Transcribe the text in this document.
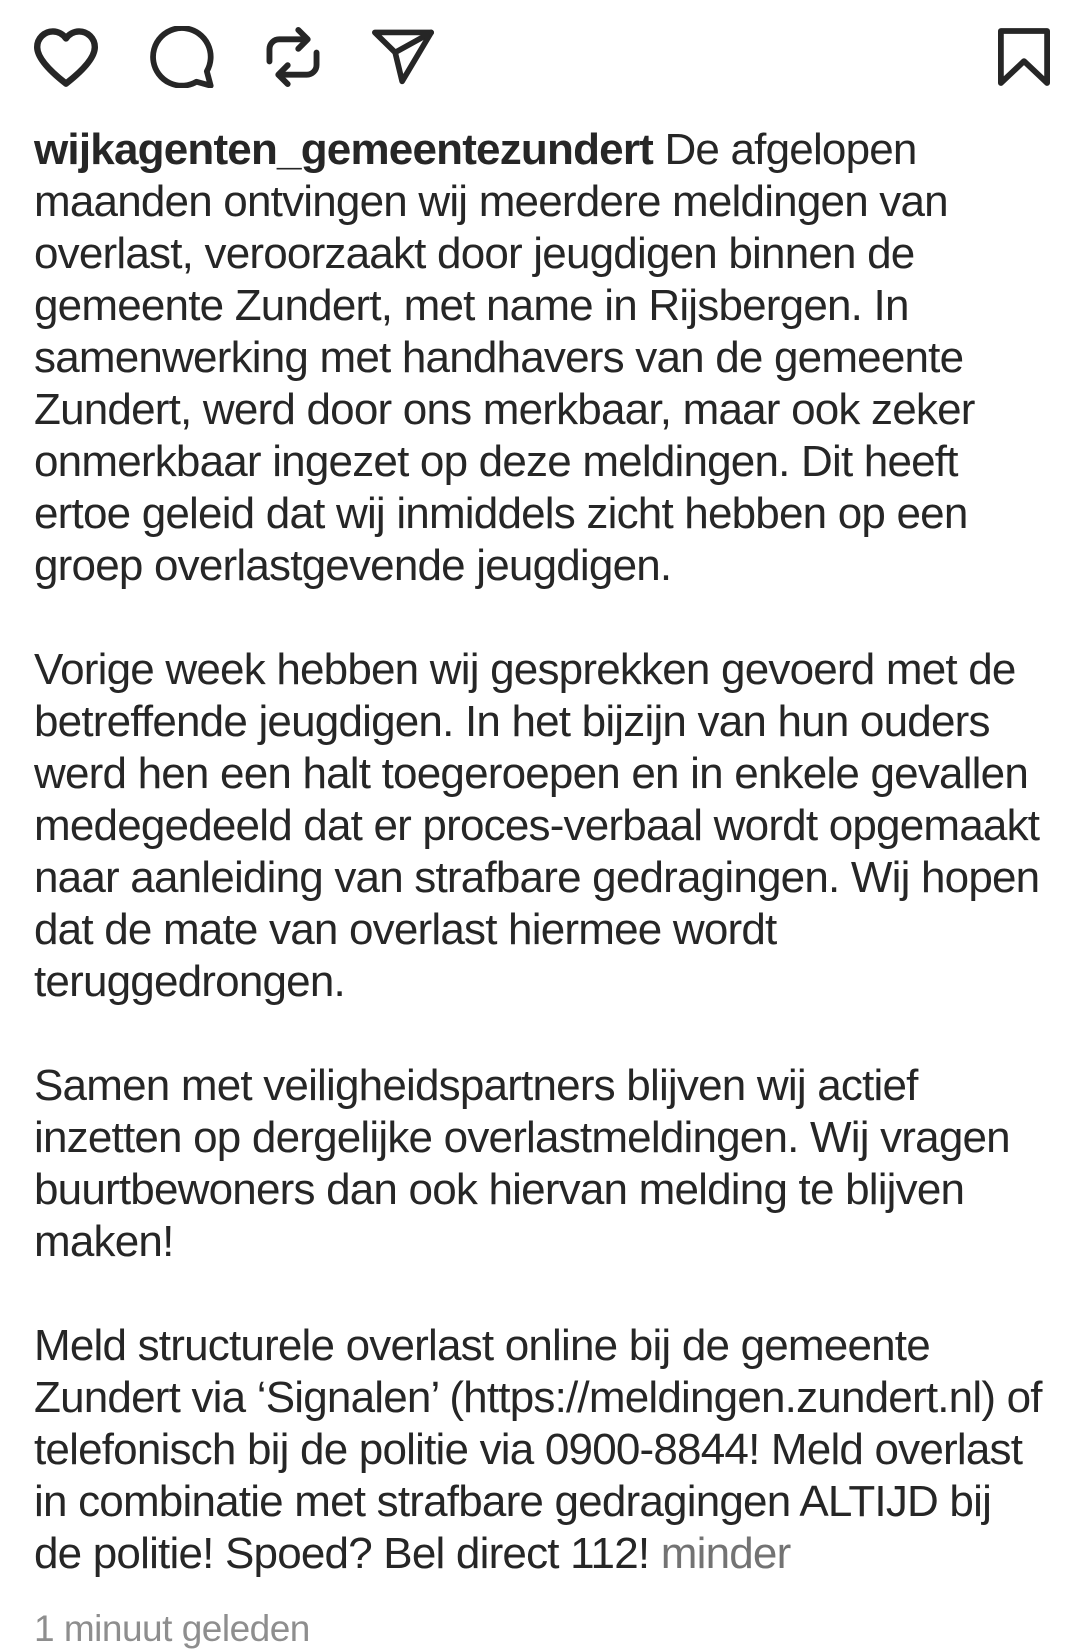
wijkagenten_gemeentezundert De afgelopen maanden ontvingen wij meerdere meldingen van overlast, veroorzaakt door jeugdigen binnen de gemeente Zundert, met name in Rijsbergen. In samenwerking met handhavers van de gemeente Zundert, werd door ons merkbaar, maar ook zeker onmerkbaar ingezet op deze meldingen. Dit heeft ertoe geleid dat wij inmiddels zicht hebben op een groep overlastgevende jeugdigen.

Vorige week hebben wij gesprekken gevoerd met de betreffende jeugdigen. In het bijzijn van hun ouders werd hen een halt toegeroepen en in enkele gevallen medegedeeld dat er proces-verbaal wordt opgemaakt naar aanleiding van strafbare gedragingen. Wij hopen dat de mate van overlast hiermee wordt teruggedrongen.

Samen met veiligheidspartners blijven wij actief inzetten op dergelijke overlastmeldingen. Wij vragen buurtbewoners dan ook hiervan melding te blijven maken!

Meld structurele overlast online bij de gemeente Zundert via ‘Signalen’ (https://meldingen.zundert.nl) of telefonisch bij de politie via 0900-8844! Meld overlast in combinatie met strafbare gedragingen ALTIJD bij de politie! Spoed? Bel direct 112! minder

1 minuut geleden
